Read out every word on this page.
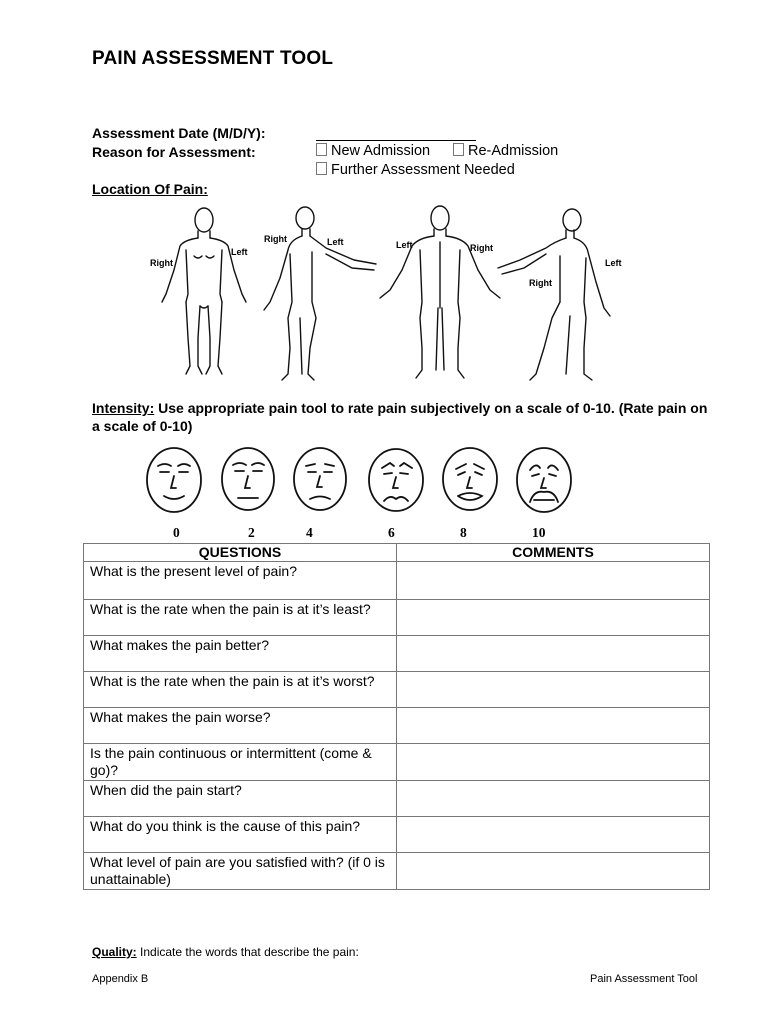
PAIN ASSESSMENT TOOL
Assessment Date (M/D/Y):
Reason for Assessment:	New Admission	Re-Admission
Further Assessment Needed
Location Of Pain:
Right
Left
Right	Left	Left	Right
Left
Right
Intensity: Use appropriate pain tool to rate pain subjectively on a scale of 0-10. (Rate pain on a scale of 0-10)
0	2	4	6	8	10
QUESTIONS	COMMENTS
What is the present level of pain?	
What is the rate when the pain is at it’s least?	
What makes the pain better?	
What is the rate when the pain is at it’s worst?	
What makes the pain worse?	
Is the pain continuous or intermittent (come & go)?	
When did the pain start?	
What do you think is the cause of this pain?	
What level of pain are you satisfied with? (if 0 is unattainable)	
Quality: Indicate the words that describe the pain:
Appendix B	Pain Assessment Tool
